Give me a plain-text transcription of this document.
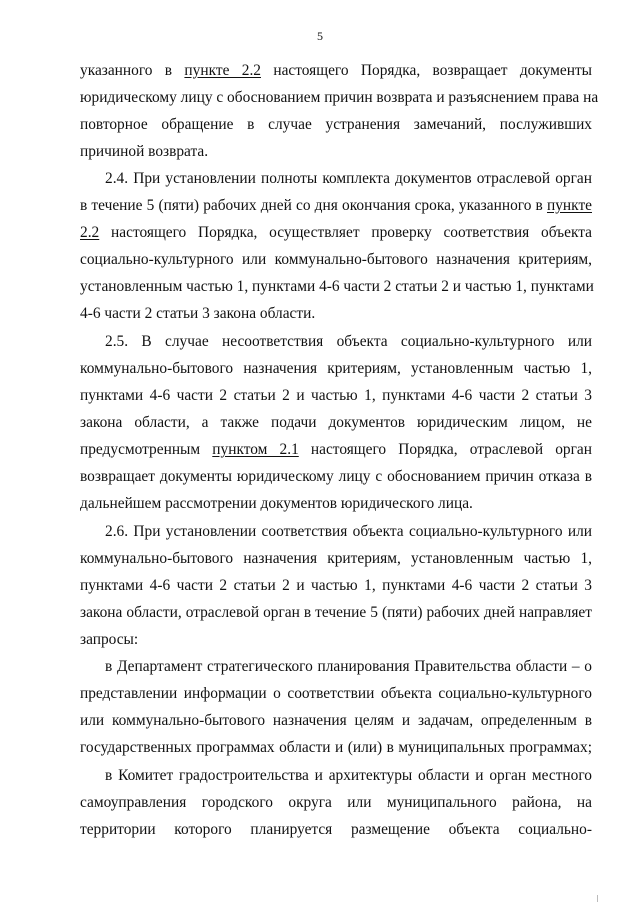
5
указанного в пункте 2.2 настоящего Порядка, возвращает документы
юридическому лицу с обоснованием причин возврата и разъяснением права на
повторное обращение в случае устранения замечаний, послуживших
причиной возврата.
2.4. При установлении полноты комплекта документов отраслевой орган
в течение 5 (пяти) рабочих дней со дня окончания срока, указанного в пункте
2.2 настоящего Порядка, осуществляет проверку соответствия объекта
социально-культурного или коммунально-бытового назначения критериям,
установленным частью 1, пунктами 4-6 части 2 статьи 2 и частью 1, пунктами
4-6 части 2 статьи 3 закона области.
2.5. В случае несоответствия объекта социально-культурного или
коммунально-бытового назначения критериям, установленным частью 1,
пунктами 4-6 части 2 статьи 2 и частью 1, пунктами 4-6 части 2 статьи 3
закона области, а также подачи документов юридическим лицом, не
предусмотренным пунктом 2.1 настоящего Порядка, отраслевой орган
возвращает документы юридическому лицу с обоснованием причин отказа в
дальнейшем рассмотрении документов юридического лица.
2.6. При установлении соответствия объекта социально-культурного или
коммунально-бытового назначения критериям, установленным частью 1,
пунктами 4-6 части 2 статьи 2 и частью 1, пунктами 4-6 части 2 статьи 3
закона области, отраслевой орган в течение 5 (пяти) рабочих дней направляет
запросы:
в Департамент стратегического планирования Правительства области – о
представлении информации о соответствии объекта социально-культурного
или коммунально-бытового назначения целям и задачам, определенным в
государственных программах области и (или) в муниципальных программах;
в Комитет градостроительства и архитектуры области и орган местного
самоуправления городского округа или муниципального района, на
территории которого планируется размещение объекта социально-
